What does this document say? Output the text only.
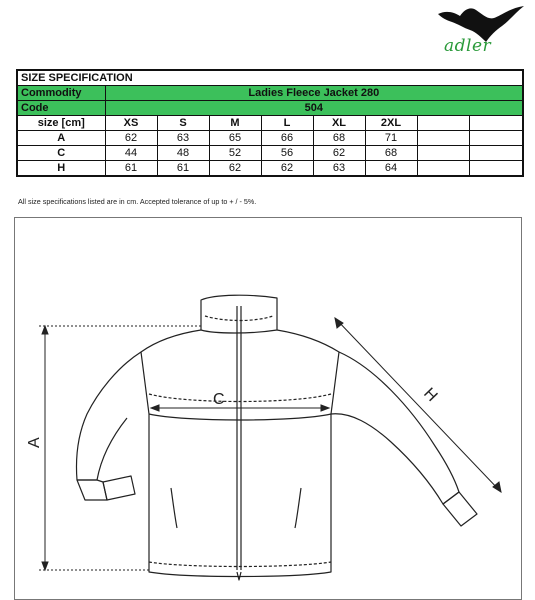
adler
SIZE SPECIFICATION								
Commodity	Ladies Fleece Jacket 280							
Code	504							
size [cm]	XS	S	M	L	XL	2XL		
A	62	63	65	66	68	71		
C	44	48	52	56	62	68		
H	61	61	62	62	63	64		
All size specifications listed are in cm. Accepted tolerance of up to + / - 5%.
A
C	H
